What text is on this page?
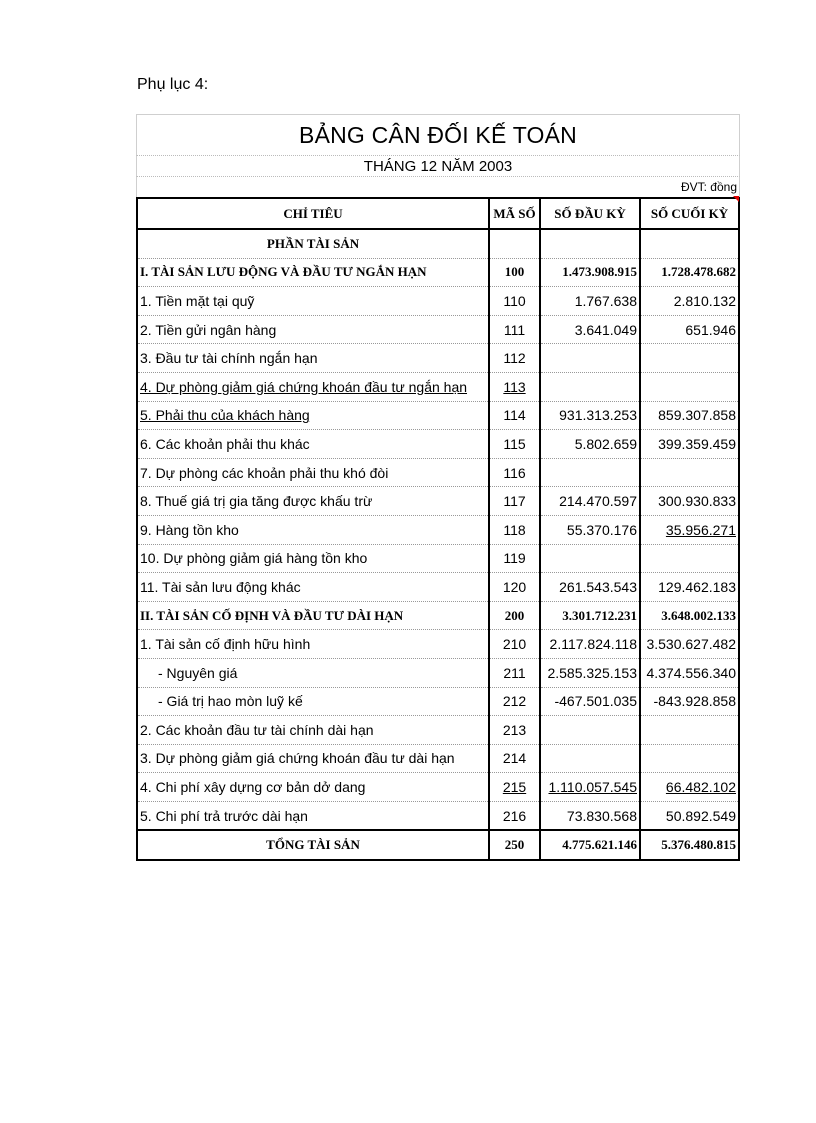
Phụ lục 4:
BẢNG CÂN ĐỐI KẾ TOÁN
THÁNG 12 NĂM 2003
ĐVT: đồng
CHỈ TIÊU	MÃ SỐ	SỐ ĐẦU KỲ	SỐ CUỐI KỲ
PHẦN TÀI SẢN			
I. TÀI SẢN LƯU ĐỘNG VÀ ĐẦU TƯ NGẮN HẠN	100	1.473.908.915	1.728.478.682
1. Tiền mặt tại quỹ	110	1.767.638	2.810.132
2. Tiền gửi ngân hàng	111	3.641.049	651.946
3. Đầu tư tài chính ngắn hạn	112		
4. Dự phòng giảm giá chứng khoán đầu tư ngắn hạn	113		
5. Phải thu của khách hàng	114	931.313.253	859.307.858
6. Các khoản phải thu khác	115	5.802.659	399.359.459
7. Dự phòng các khoản phải thu khó đòi	116		
8. Thuế giá trị gia tăng được khấu trừ	117	214.470.597	300.930.833
9. Hàng tồn kho	118	55.370.176	35.956.271
10. Dự phòng giảm giá hàng tồn kho	119		
11. Tài sản lưu động khác	120	261.543.543	129.462.183
II. TÀI SẢN CỐ ĐỊNH VÀ ĐẦU TƯ DÀI HẠN	200	3.301.712.231	3.648.002.133
1. Tài sản cố định hữu hình	210	2.117.824.118	3.530.627.482
- Nguyên giá	211	2.585.325.153	4.374.556.340
- Giá trị hao mòn luỹ kế	212	-467.501.035	-843.928.858
2. Các khoản đầu tư tài chính dài hạn	213		
3. Dự phòng giảm giá chứng khoán đầu tư dài hạn	214		
4. Chi phí xây dựng cơ bản dở dang	215	1.110.057.545	66.482.102
5. Chi phí trả trước dài hạn	216	73.830.568	50.892.549
TỔNG TÀI SẢN	250	4.775.621.146	5.376.480.815
